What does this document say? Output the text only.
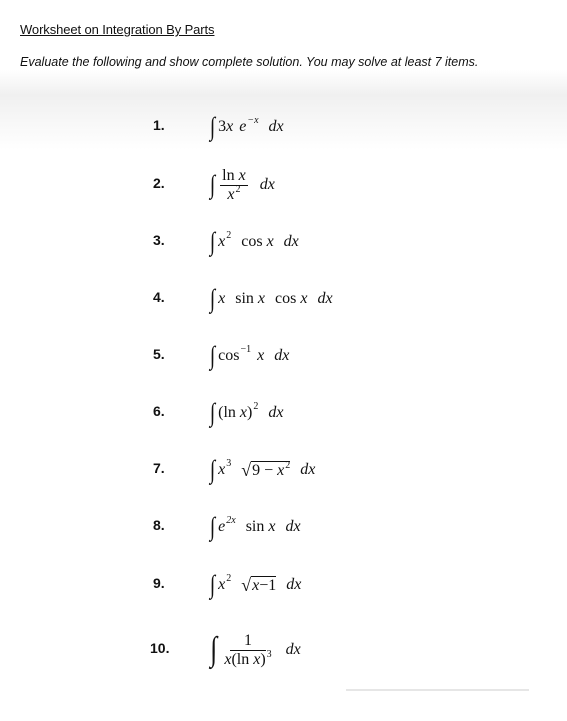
Worksheet on Integration By Parts
Evaluate the following and show complete solution. You may solve at least 7 items.
1. ∫ 3 x e −x dx
2. ∫ $\frac{\text{ln x}}{x^2}$ dx
3. ∫ x 2 cos
x dx
4. ∫ x sin
x cos
x dx
5. ∫ cos −1 x dx
6. ∫ (ln
x ) 2 dx
7. ∫ x 3 √ $9 - x^2$ dx
8. ∫ e 2x sin
x dx
9. ∫ x 2 √ x−1 dx
10. ∫ $\frac{1}{x(\ln x)^3}$ dx
